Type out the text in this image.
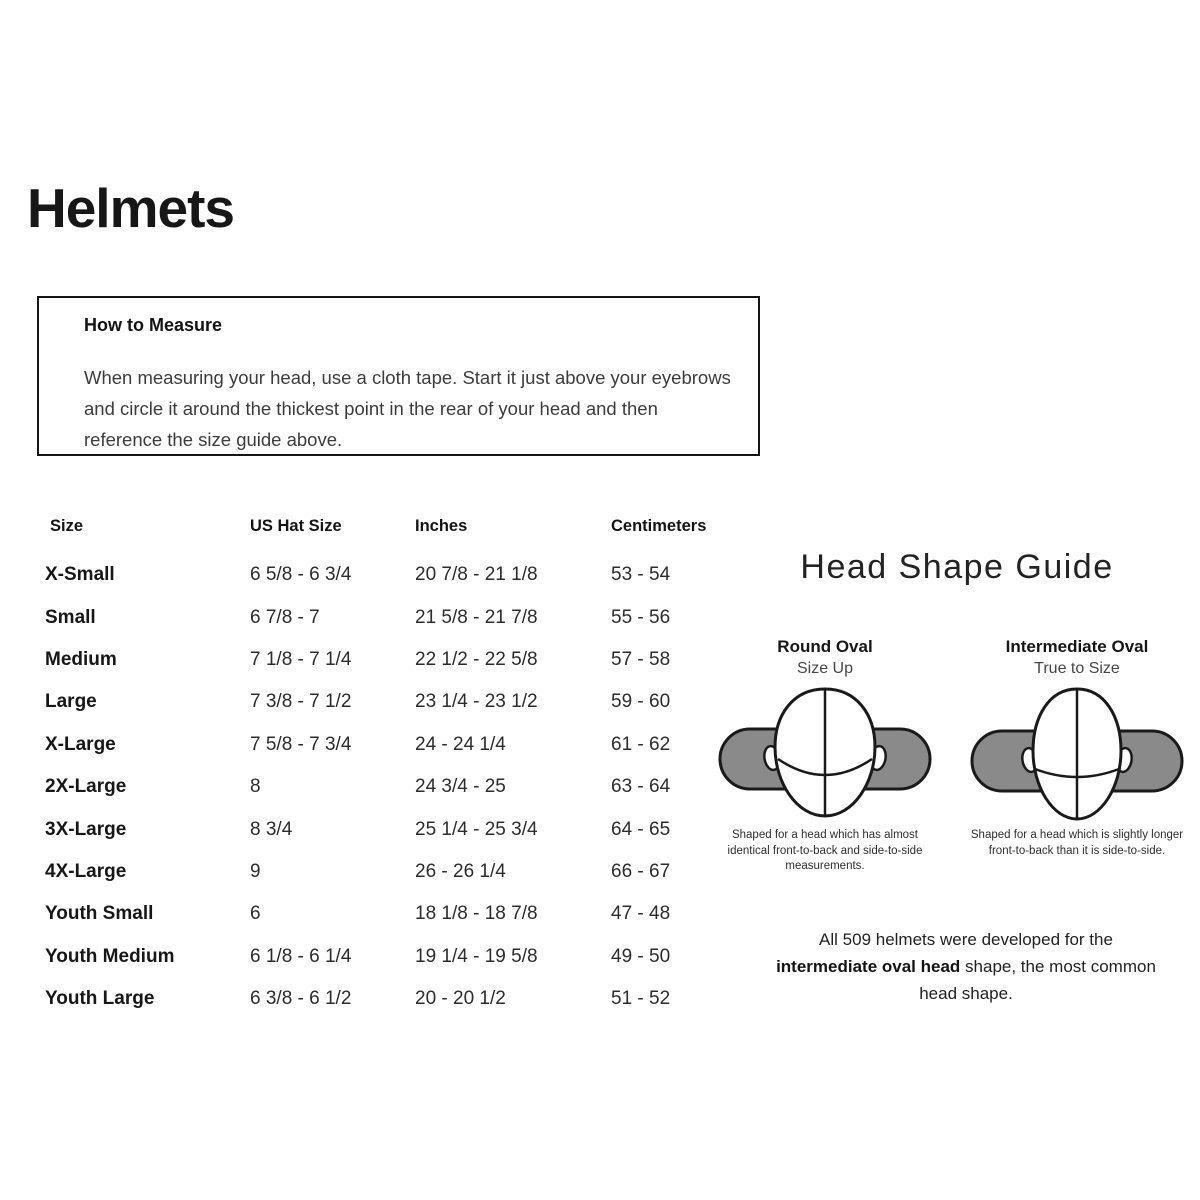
Helmets
How to Measure
When measuring your head, use a cloth tape. Start it just above your eyebrows and circle it around the thickest point in the rear of your head and then reference the size guide above.
Size	US Hat Size	Inches	Centimeters
X-Small	6 5/8 - 6 3/4	20 7/8 - 21 1/8	53 - 54
Small	6 7/8 - 7	21 5/8 - 21 7/8	55 - 56
Medium	7 1/8 - 7 1/4	22 1/2 - 22 5/8	57 - 58
Large	7 3/8 - 7 1/2	23 1/4 - 23 1/2	59 - 60
X-Large	7 5/8 - 7 3/4	24 - 24 1/4	61 - 62
2X-Large	8	24 3/4 - 25	63 - 64
3X-Large	8 3/4	25 1/4 - 25 3/4	64 - 65
4X-Large	9	26 - 26 1/4	66 - 67
Youth Small	6	18 1/8 - 18 7/8	47 - 48
Youth Medium	6 1/8 - 6 1/4	19 1/4 - 19 5/8	49 - 50
Youth Large	6 3/8 - 6 1/2	20 - 20 1/2	51 - 52
Head Shape Guide
Round Oval
Size Up
Shaped for a head which has almost identical front-to-back and side-to-side measurements.
Intermediate Oval
True to Size
Shaped for a head which is slightly longer front-to-back than it is side-to-side.
All 509 helmets were developed for the intermediate oval head shape, the most common head shape.
